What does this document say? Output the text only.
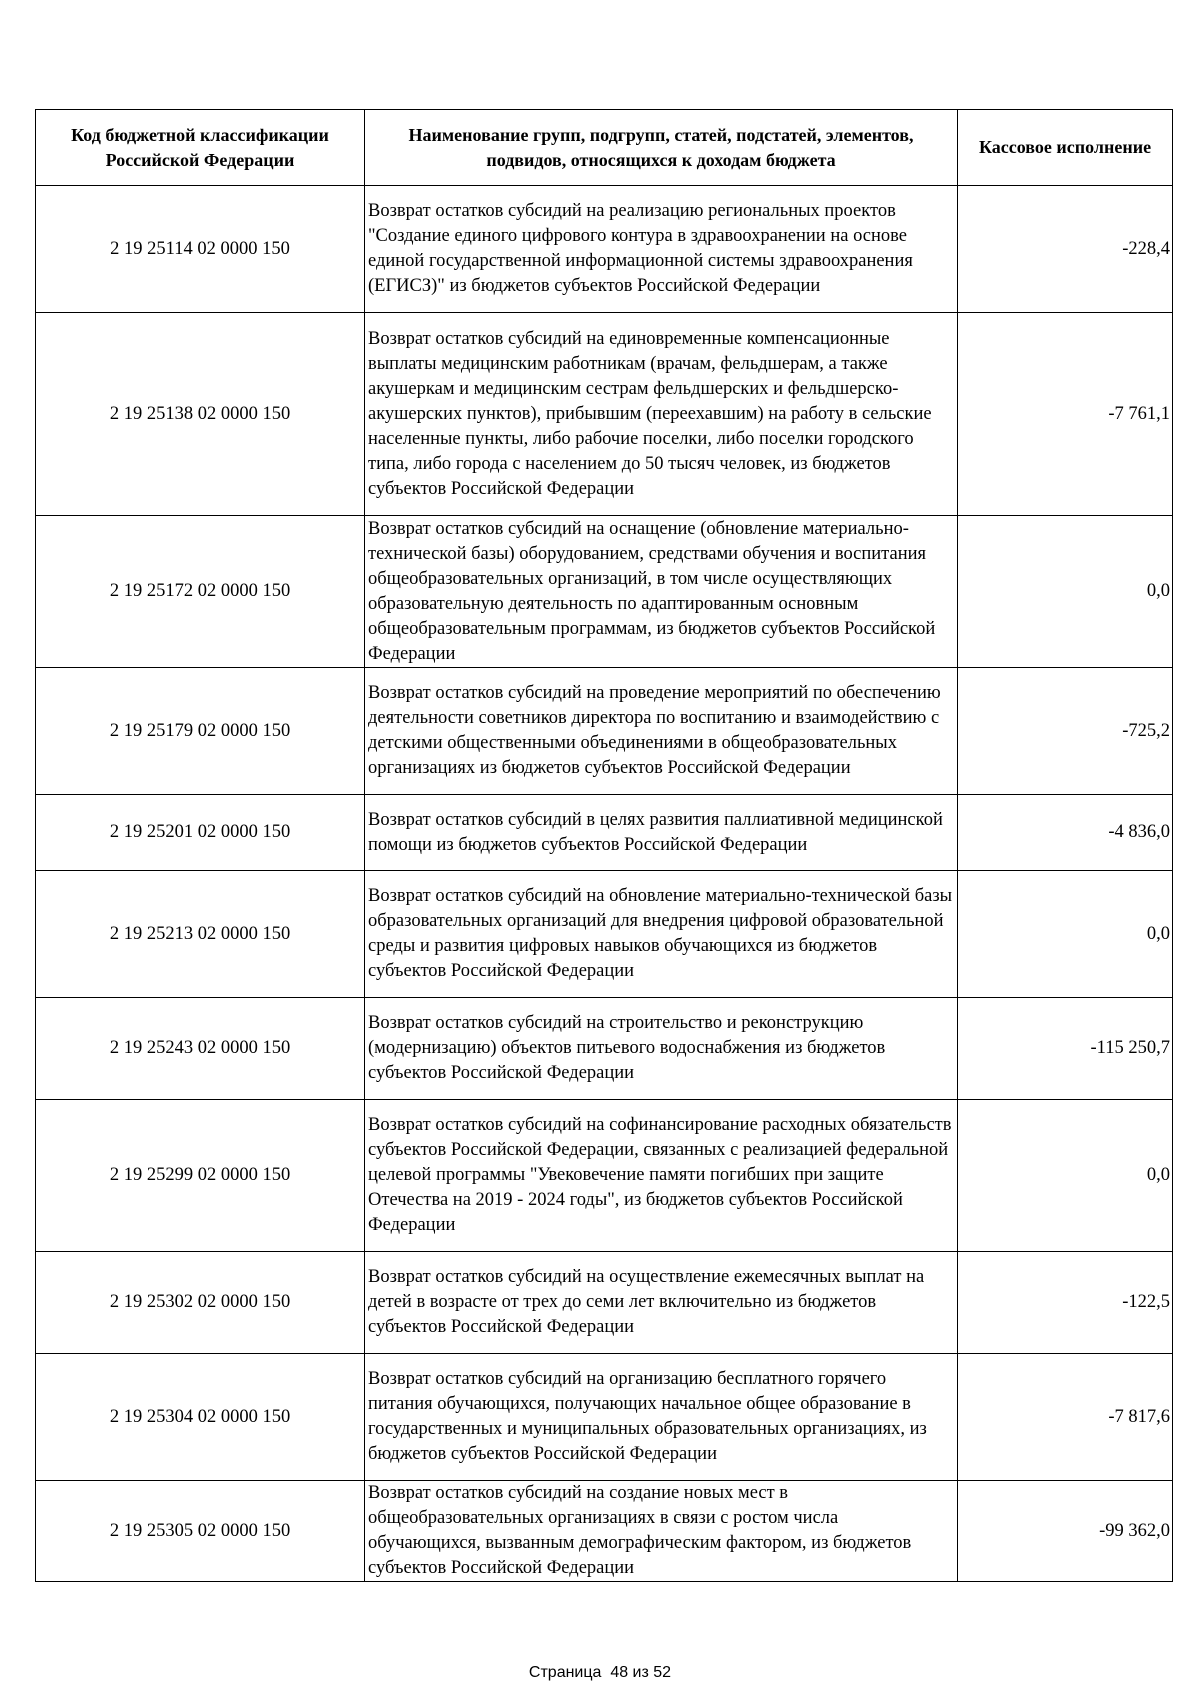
Код бюджетной классификации Российской Федерации	Наименование групп, подгрупп, статей, подстатей, элементов, подвидов, относящихся к доходам бюджета	Кассовое исполнение
2 19 25114 02 0000 150	Возврат остатков субсидий на реализацию региональных проектов "Создание единого цифрового контура в здравоохранении на основе единой государственной информационной системы здравоохранения (ЕГИСЗ)" из бюджетов субъектов Российской Федерации	-228,4
2 19 25138 02 0000 150	Возврат остатков субсидий на единовременные компенсационные выплаты медицинским работникам (врачам, фельдшерам, а также акушеркам и медицинским сестрам фельдшерских и фельдшерско-акушерских пунктов), прибывшим (переехавшим) на работу в сельские населенные пункты, либо рабочие поселки, либо поселки городского типа, либо города с населением до 50 тысяч человек, из бюджетов субъектов Российской Федерации	-7 761,1
2 19 25172 02 0000 150	Возврат остатков субсидий на оснащение (обновление материально-технической базы) оборудованием, средствами обучения и воспитания общеобразовательных организаций, в том числе осуществляющих образовательную деятельность по адаптированным основным общеобразовательным программам, из бюджетов субъектов Российской Федерации	0,0
2 19 25179 02 0000 150	Возврат остатков субсидий на проведение мероприятий по обеспечению деятельности советников директора по воспитанию и взаимодействию с детскими общественными объединениями в общеобразовательных организациях из бюджетов субъектов Российской Федерации	-725,2
2 19 25201 02 0000 150	Возврат остатков субсидий в целях развития паллиативной медицинской помощи из бюджетов субъектов Российской Федерации	-4 836,0
2 19 25213 02 0000 150	Возврат остатков субсидий на обновление материально-технической базы образовательных организаций для внедрения цифровой образовательной среды и развития цифровых навыков обучающихся из бюджетов субъектов Российской Федерации	0,0
2 19 25243 02 0000 150	Возврат остатков субсидий на строительство и реконструкцию (модернизацию) объектов питьевого водоснабжения из бюджетов субъектов Российской Федерации	-115 250,7
2 19 25299 02 0000 150	Возврат остатков субсидий на софинансирование расходных обязательств субъектов Российской Федерации, связанных с реализацией федеральной целевой программы "Увековечение памяти погибших при защите Отечества на 2019 - 2024 годы", из бюджетов субъектов Российской Федерации	0,0
2 19 25302 02 0000 150	Возврат остатков субсидий на осуществление ежемесячных выплат на детей в возрасте от трех до семи лет включительно из бюджетов субъектов Российской Федерации	-122,5
2 19 25304 02 0000 150	Возврат остатков субсидий на организацию бесплатного горячего питания обучающихся, получающих начальное общее образование в государственных и муниципальных образовательных организациях, из бюджетов субъектов Российской Федерации	-7 817,6
2 19 25305 02 0000 150	Возврат остатков субсидий на создание новых мест в общеобразовательных организациях в связи с ростом числа обучающихся, вызванным демографическим фактором, из бюджетов субъектов Российской Федерации	-99 362,0
Страница  48 из 52
